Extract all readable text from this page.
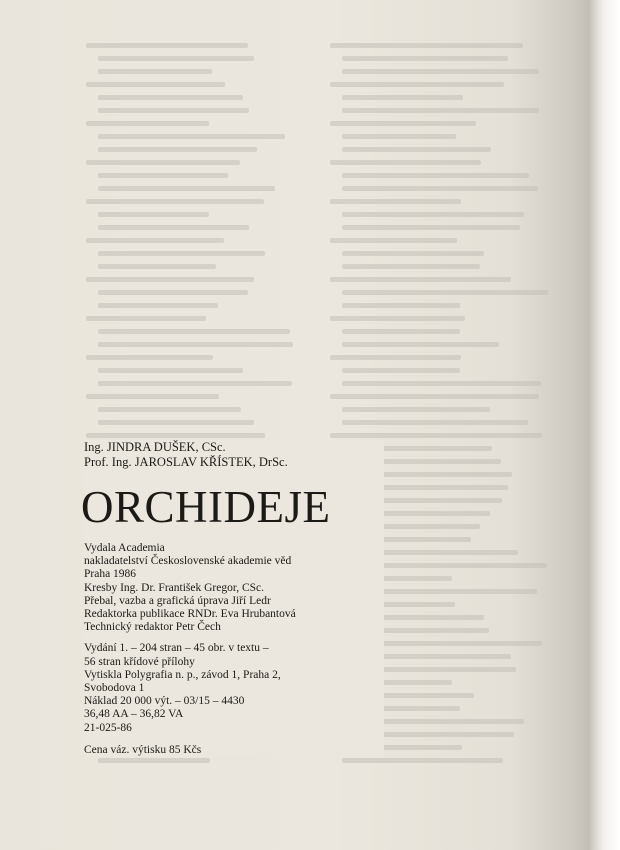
Ing. JINDRA DUŠEK, CSc.
Prof. Ing. JAROSLAV KŘÍSTEK, DrSc.
ORCHIDEJE
Vydala Academia
nakladatelství Československé akademie věd
Praha 1986
Kresby Ing. Dr. František Gregor, CSc.
Přebal, vazba a grafická úprava Jiří Ledr
Redaktorka publikace RNDr. Eva Hrubantová
Technický redaktor Petr Čech
Vydání 1. – 204 stran – 45 obr. v textu –
56 stran křídové přílohy
Vytiskla Polygrafia n. p., závod 1, Praha 2,
Svobodova 1
Náklad 20 000 výt. – 03/15 – 4430
36,48 AA – 36,82 VA
21-025-86
Cena váz. výtisku 85 Kčs
